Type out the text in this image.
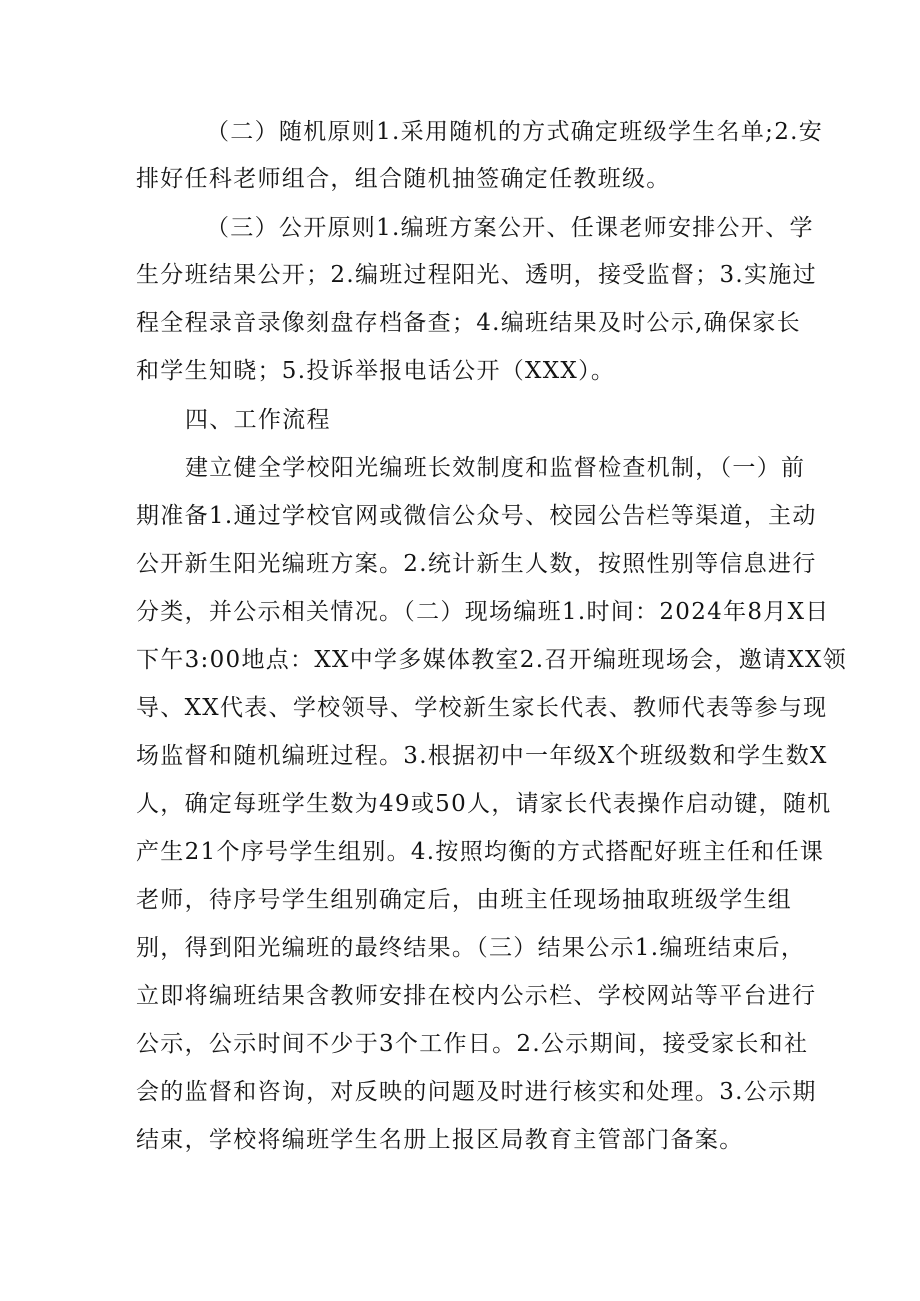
（二）随机原则1.采用随机的方式确定班级学生名单;2.安
排好任科老师组合，组合随机抽签确定任教班级。
（三）公开原则1.编班方案公开、任课老师安排公开、学
生分班结果公开；2.编班过程阳光、透明，接受监督；3.实施过
程全程录音录像刻盘存档备查；4.编班结果及时公示,确保家长
和学生知晓；5.投诉举报电话公开（XXX）。
四、工作流程
建立健全学校阳光编班长效制度和监督检查机制，（一）前
期准备1.通过学校官网或微信公众号、校园公告栏等渠道，主动
公开新生阳光编班方案。2.统计新生人数，按照性别等信息进行
分类，并公示相关情况。（二）现场编班1.时间：2024年8月X日
下午3:00地点：XX中学多媒体教室2.召开编班现场会，邀请XX领
导、XX代表、学校领导、学校新生家长代表、教师代表等参与现
场监督和随机编班过程。3.根据初中一年级X个班级数和学生数X
人，确定每班学生数为49或50人，请家长代表操作启动键，随机
产生21个序号学生组别。4.按照均衡的方式搭配好班主任和任课
老师，待序号学生组别确定后，由班主任现场抽取班级学生组
别，得到阳光编班的最终结果。（三）结果公示1.编班结束后，
立即将编班结果含教师安排在校内公示栏、学校网站等平台进行
公示，公示时间不少于3个工作日。2.公示期间，接受家长和社
会的监督和咨询，对反映的问题及时进行核实和处理。3.公示期
结束，学校将编班学生名册上报区局教育主管部门备案。
